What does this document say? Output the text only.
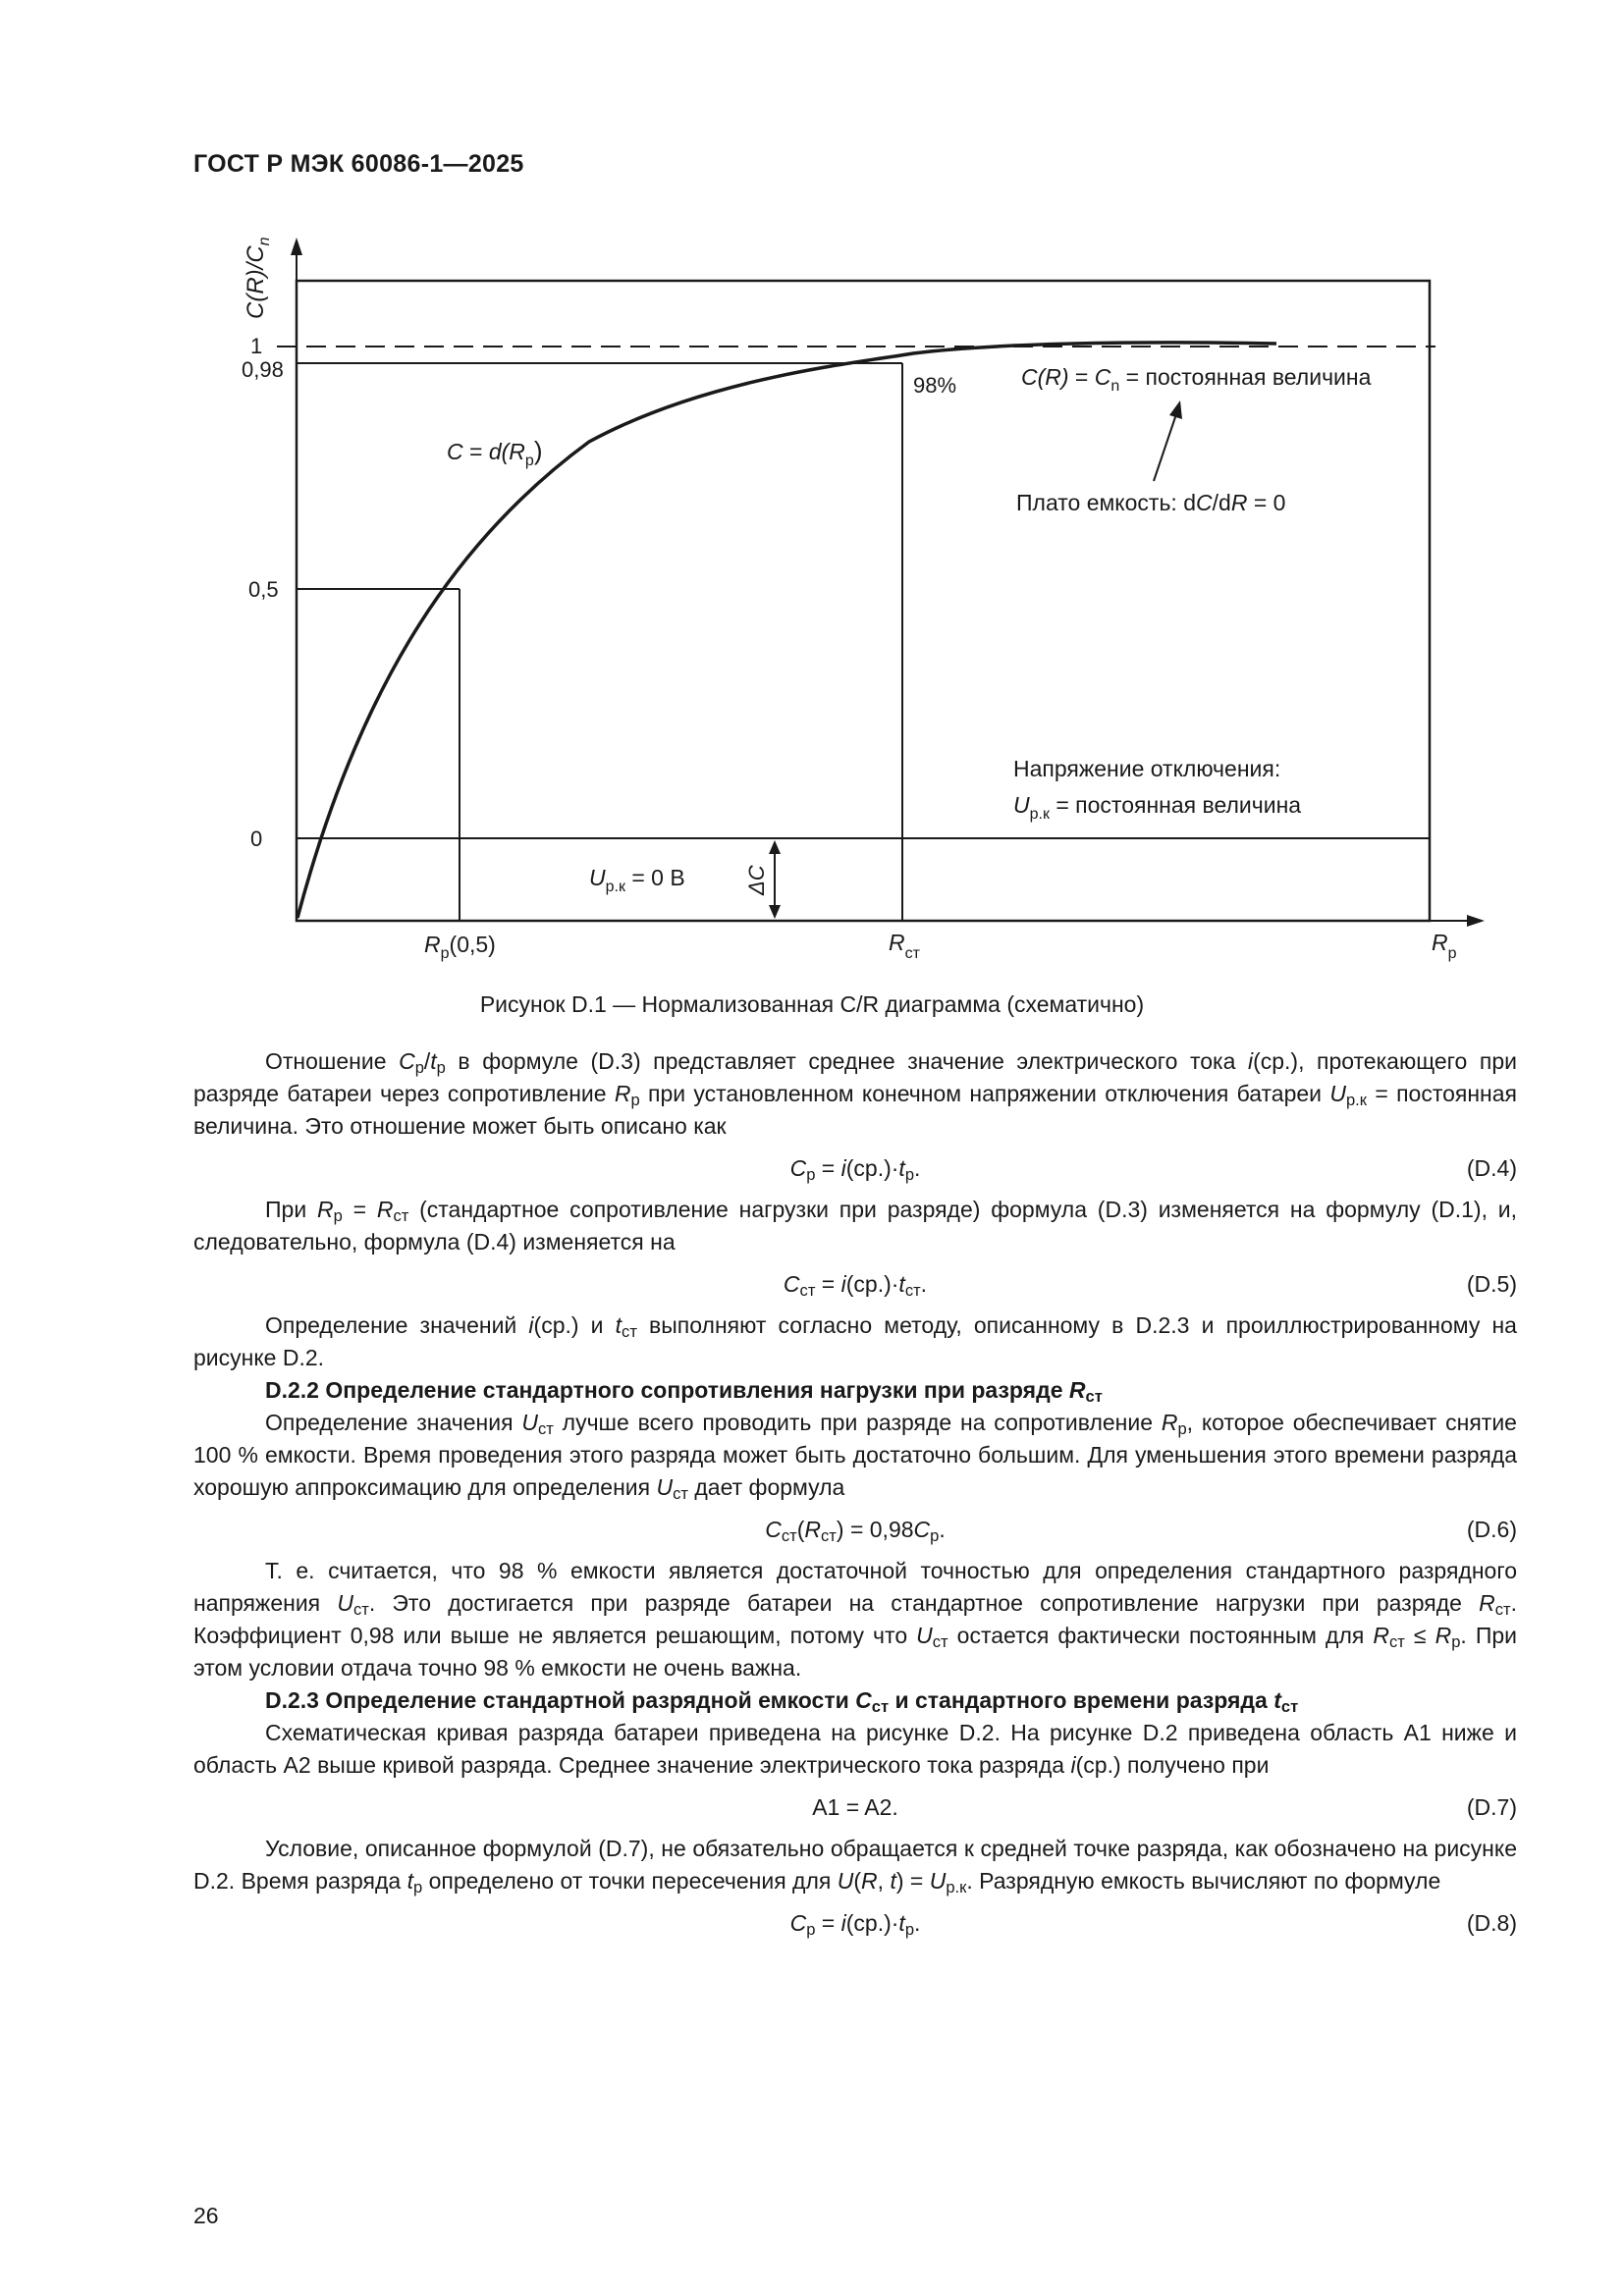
ГОСТ Р МЭК 60086-1—2025
$C(R)/C_n$
1
0,98
0,5
0
$C = d(R_p)$
98%	$C(R) = C_n$ = постоянная величина
Плато емкость: dC/dR = 0
Напряжение отключения:
$U_{р.к}$ = постоянная величина
$U_{р.к} = 0$ В	ΔC
$R_р(0,5)$	$R_{ст}$	$R_р$
Рисунок D.1 — Нормализованная C/R диаграмма (схематично)

Отношение $C_р/t_р$ в формуле (D.3) представляет среднее значение электрического тока i(ср.), протекающего при разряде батареи через сопротивление $R_р$ при установленном конечном напряжении отключения батареи $U_{р.к}$ = постоянная величина. Это отношение может быть описано как

$C_р = i(ср.)\cdot t_р$.	(D.4)

При $R_р = R_{ст}$ (стандартное сопротивление нагрузки при разряде) формула (D.3) изменяется на формулу (D.1), и, следовательно, формула (D.4) изменяется на

$C_{ст} = i(ср.)\cdot t_{ст}$.	(D.5)

Определение значений i(ср.) и $t_{ст}$ выполняют согласно методу, описанному в D.2.3 и проиллюстрированному на рисунке D.2.

D.2.2 Определение стандартного сопротивления нагрузки при разряде $R_{ст}$

Определение значения $U_{ст}$ лучше всего проводить при разряде на сопротивление $R_р$, которое обеспечивает снятие 100 % емкости. Время проведения этого разряда может быть достаточно большим. Для уменьшения этого времени разряда хорошую аппроксимацию для определения $U_{ст}$ дает формула

$C_{ст}(R_{ст}) = 0,98C_р$.	(D.6)

Т. е. считается, что 98 % емкости является достаточной точностью для определения стандартного разрядного напряжения $U_{ст}$. Это достигается при разряде батареи на стандартное сопротивление нагрузки при разряде $R_{ст}$. Коэффициент 0,98 или выше не является решающим, потому что $U_{ст}$ остается фактически постоянным для $R_{ст} \le R_р$. При этом условии отдача точно 98 % емкости не очень важна.

D.2.3 Определение стандартной разрядной емкости $C_{ст}$ и стандартного времени разряда $t_{ст}$

Схематическая кривая разряда батареи приведена на рисунке D.2. На рисунке D.2 приведена область A1 ниже и область A2 выше кривой разряда. Среднее значение электрического тока разряда i(ср.) получено при

A1 = A2.	(D.7)

Условие, описанное формулой (D.7), не обязательно обращается к средней точке разряда, как обозначено на рисунке D.2. Время разряда $t_р$ определено от точки пересечения для U(R, $t) = U_{р.к}$. Разрядную емкость вычисляют по формуле

$C_р = i(ср.)\cdot t_р$.	(D.8)
26
